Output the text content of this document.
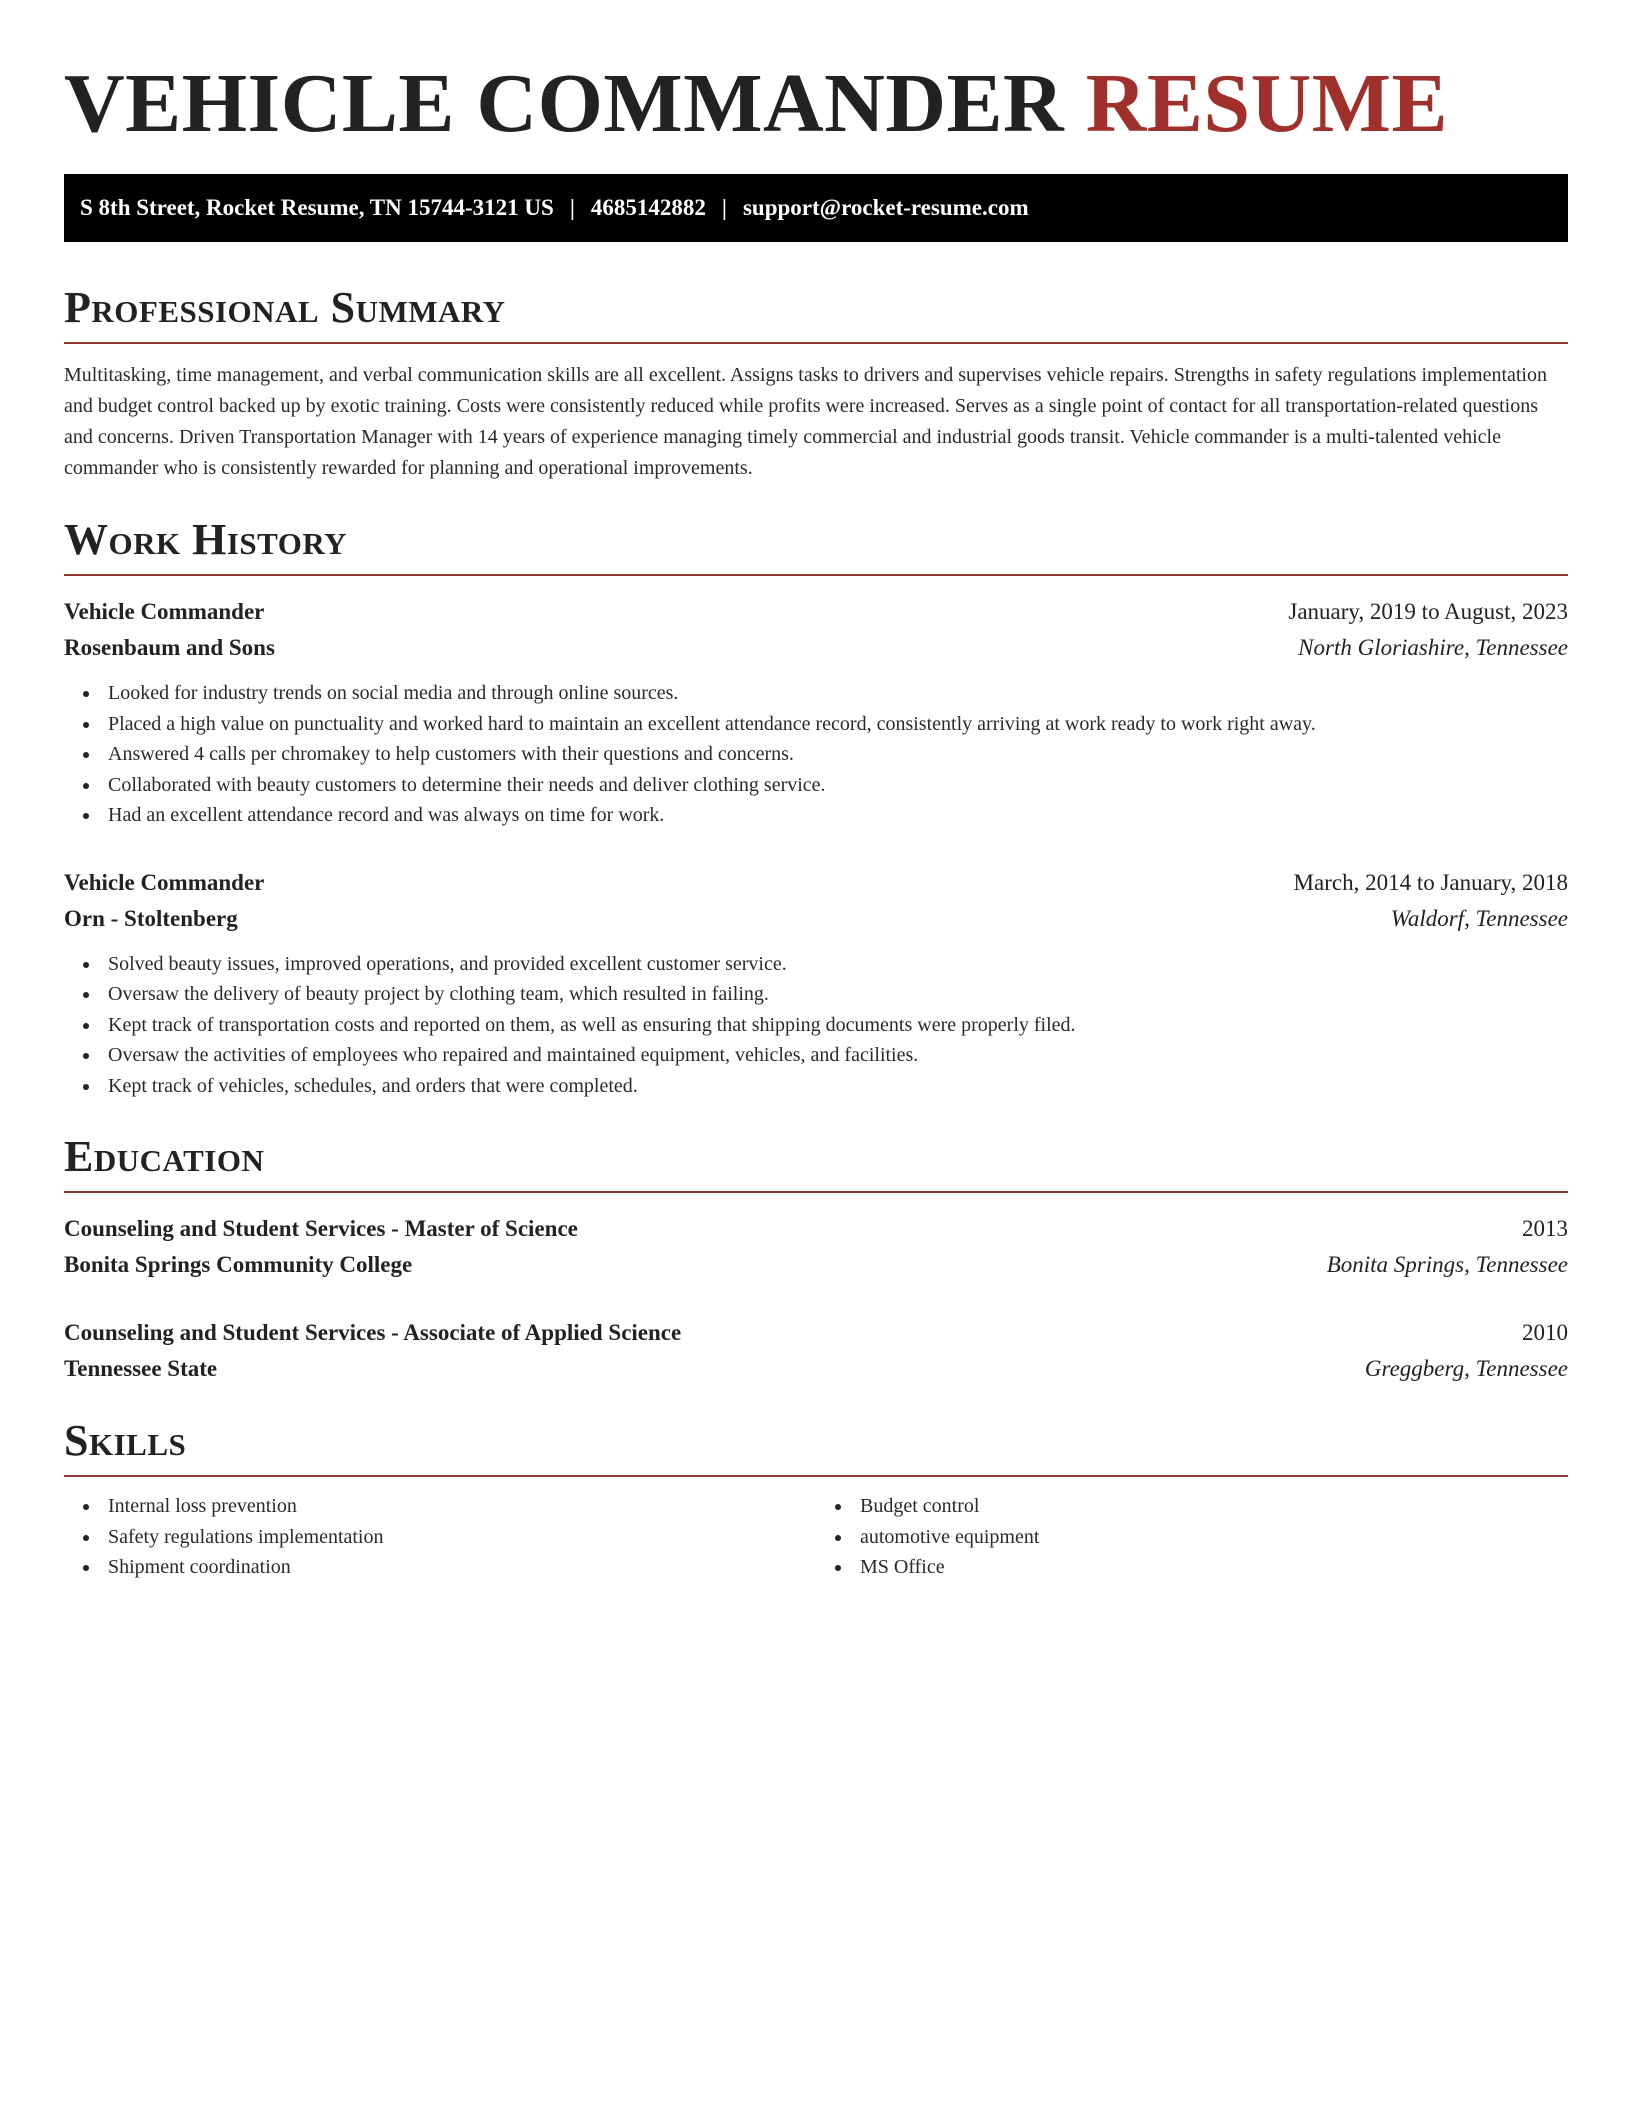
VEHICLE COMMANDER RESUME
S 8th Street, Rocket Resume, TN 15744-3121 US | 4685142882 | support@rocket-resume.com
Professional Summary

Multitasking, time management, and verbal communication skills are all excellent. Assigns tasks to drivers and supervises vehicle repairs. Strengths in safety regulations implementation and budget control backed up by exotic training. Costs were consistently reduced while profits were increased. Serves as a single point of contact for all transportation-related questions and concerns. Driven Transportation Manager with 14 years of experience managing timely commercial and industrial goods transit. Vehicle commander is a multi-talented vehicle commander who is consistently rewarded for planning and operational improvements.

Work History
Vehicle Commander	January, 2019 to August, 2023
Rosenbaum and Sons	North Gloriashire, Tennessee
Looked for industry trends on social media and through online sources.
Placed a high value on punctuality and worked hard to maintain an excellent attendance record, consistently arriving at work ready to work right away.
Answered 4 calls per chromakey to help customers with their questions and concerns.
Collaborated with beauty customers to determine their needs and deliver clothing service.
Had an excellent attendance record and was always on time for work.
Vehicle Commander	March, 2014 to January, 2018
Orn - Stoltenberg	Waldorf, Tennessee
Solved beauty issues, improved operations, and provided excellent customer service.
Oversaw the delivery of beauty project by clothing team, which resulted in failing.
Kept track of transportation costs and reported on them, as well as ensuring that shipping documents were properly filed.
Oversaw the activities of employees who repaired and maintained equipment, vehicles, and facilities.
Kept track of vehicles, schedules, and orders that were completed.
Education
Counseling and Student Services - Master of Science	2013
Bonita Springs Community College	Bonita Springs, Tennessee
Counseling and Student Services - Associate of Applied Science	2010
Tennessee State	Greggberg, Tennessee
Skills
Internal loss prevention
Safety regulations implementation
Shipment coordination
Budget control
automotive equipment
MS Office
